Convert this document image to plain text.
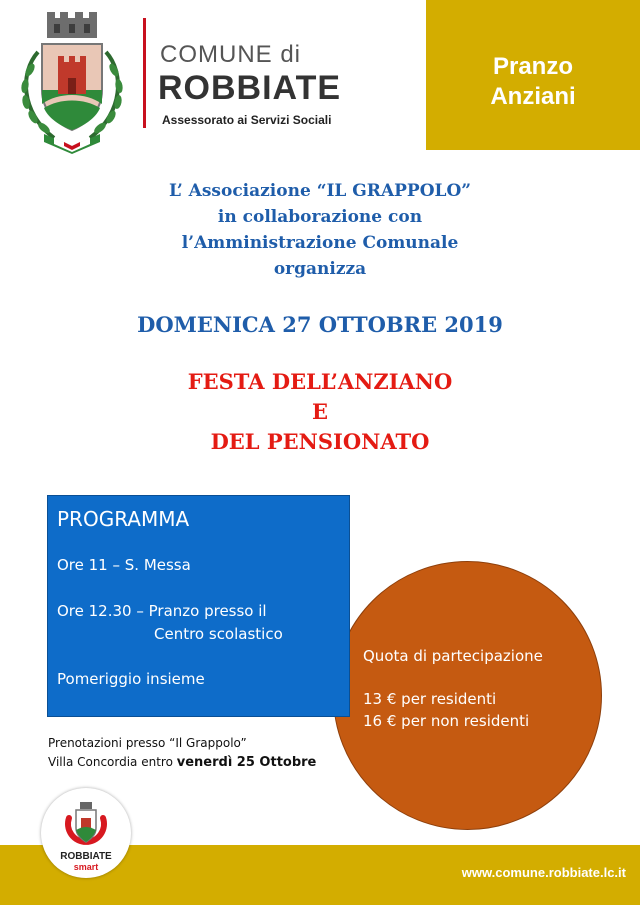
COMUNE di
ROBBIATE
Assessorato ai Servizi Sociali
Pranzo
Anziani
L’ Associazione “IL GRAPPOLO”
in collaborazione con
l’Amministrazione Comunale
organizza
DOMENICA 27 OTTOBRE 2019
FESTA DELL’ANZIANO
E
DEL PENSIONATO
PROGRAMMA
Ore 11 – S. Messa
Ore 12.30 – Pranzo presso il
Centro scolastico
Pomeriggio insieme
Quota di partecipazione
13 € per residenti
16 € per non residenti
Prenotazioni presso “Il Grappolo”
Villa Concordia entro venerdì 25 Ottobre
www.comune.robbiate.lc.it
ROBBIATE
smart
